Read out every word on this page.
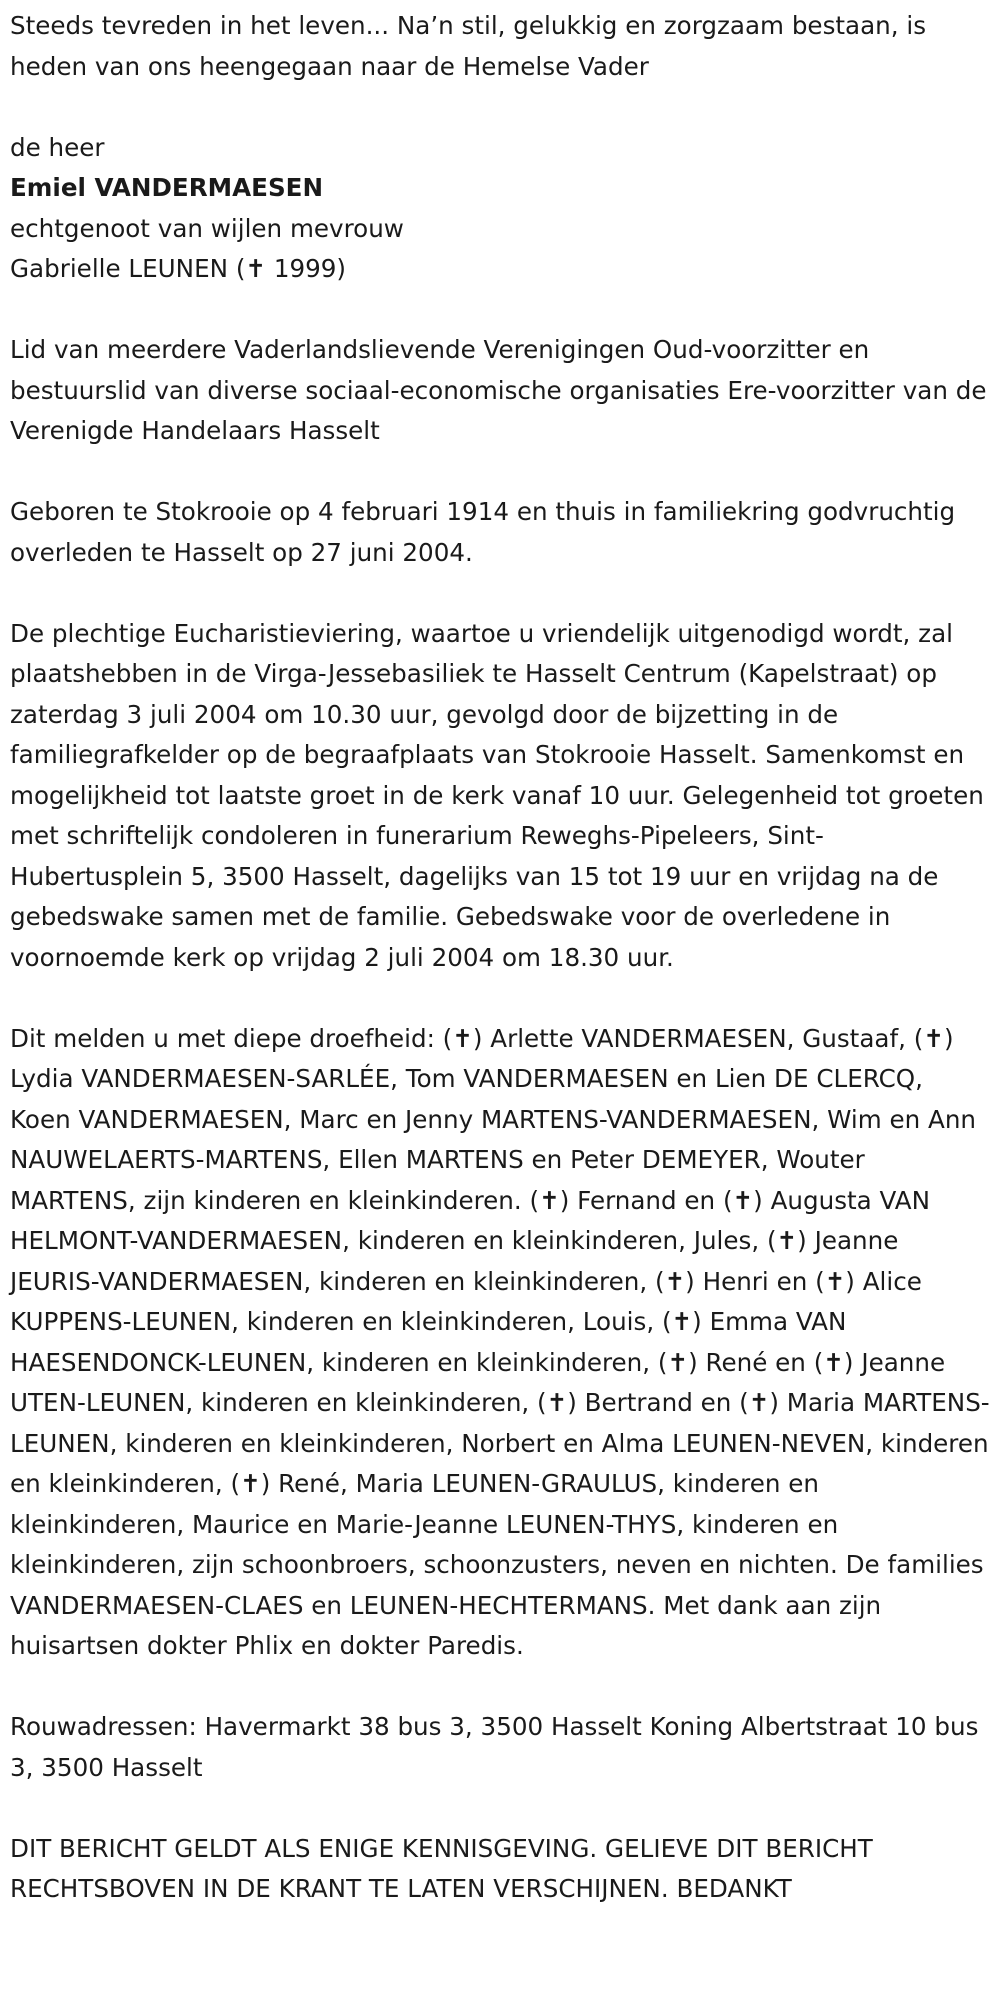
Steeds tevreden in het leven... Na’n stil, gelukkig en zorgzaam bestaan, is heden van ons heengegaan naar de Hemelse Vader

de heer

Emiel VANDERMAESEN

echtgenoot van wijlen mevrouw

Gabrielle LEUNEN (✝ 1999)

Lid van meerdere Vaderlandslievende Verenigingen Oud-voorzitter en bestuurslid van diverse sociaal-economische organisaties Ere-voorzitter van de Verenigde Handelaars Hasselt

Geboren te Stokrooie op 4 februari 1914 en thuis in familiekring godvruchtig overleden te Hasselt op 27 juni 2004.

De plechtige Eucharistieviering, waartoe u vriendelijk uitgenodigd wordt, zal plaatshebben in de Virga-Jessebasiliek te Hasselt Centrum (Kapelstraat) op zaterdag 3 juli 2004 om 10.30 uur, gevolgd door de bijzetting in de familiegrafkelder op de begraafplaats van Stokrooie Hasselt. Samenkomst en mogelijkheid tot laatste groet in de kerk vanaf 10 uur. Gelegenheid tot groeten met schriftelijk condoleren in funerarium Reweghs-Pipeleers, Sint-Hubertusplein 5, 3500 Hasselt, dagelijks van 15 tot 19 uur en vrijdag na de gebedswake samen met de familie. Gebedswake voor de overledene in voornoemde kerk op vrijdag 2 juli 2004 om 18.30 uur.

Dit melden u met diepe droefheid: (✝) Arlette VANDERMAESEN, Gustaaf, (✝) Lydia VANDERMAESEN-SARLÉE, Tom VANDERMAESEN en Lien DE CLERCQ, Koen VANDERMAESEN, Marc en Jenny MARTENS-VANDERMAESEN, Wim en Ann NAUWELAERTS-MARTENS, Ellen MARTENS en Peter DEMEYER, Wouter MARTENS, zijn kinderen en kleinkinderen. (✝) Fernand en (✝) Augusta VAN HELMONT-VANDERMAESEN, kinderen en kleinkinderen, Jules, (✝) Jeanne JEURIS-VANDERMAESEN, kinderen en kleinkinderen, (✝) Henri en (✝) Alice KUPPENS-LEUNEN, kinderen en kleinkinderen, Louis, (✝) Emma VAN HAESENDONCK-LEUNEN, kinderen en kleinkinderen, (✝) René en (✝) Jeanne UTEN-LEUNEN, kinderen en kleinkinderen, (✝) Bertrand en (✝) Maria MARTENS-LEUNEN, kinderen en kleinkinderen, Norbert en Alma LEUNEN-NEVEN, kinderen en kleinkinderen, (✝) René, Maria LEUNEN-GRAULUS, kinderen en kleinkinderen, Maurice en Marie-Jeanne LEUNEN-THYS, kinderen en kleinkinderen, zijn schoonbroers, schoonzusters, neven en nichten. De families VANDERMAESEN-CLAES en LEUNEN-HECHTERMANS. Met dank aan zijn huisartsen dokter Phlix en dokter Paredis.

Rouwadressen: Havermarkt 38 bus 3, 3500 Hasselt Koning Albertstraat 10 bus 3, 3500 Hasselt

DIT BERICHT GELDT ALS ENIGE KENNISGEVING. GELIEVE DIT BERICHT RECHTSBOVEN IN DE KRANT TE LATEN VERSCHIJNEN. BEDANKT
